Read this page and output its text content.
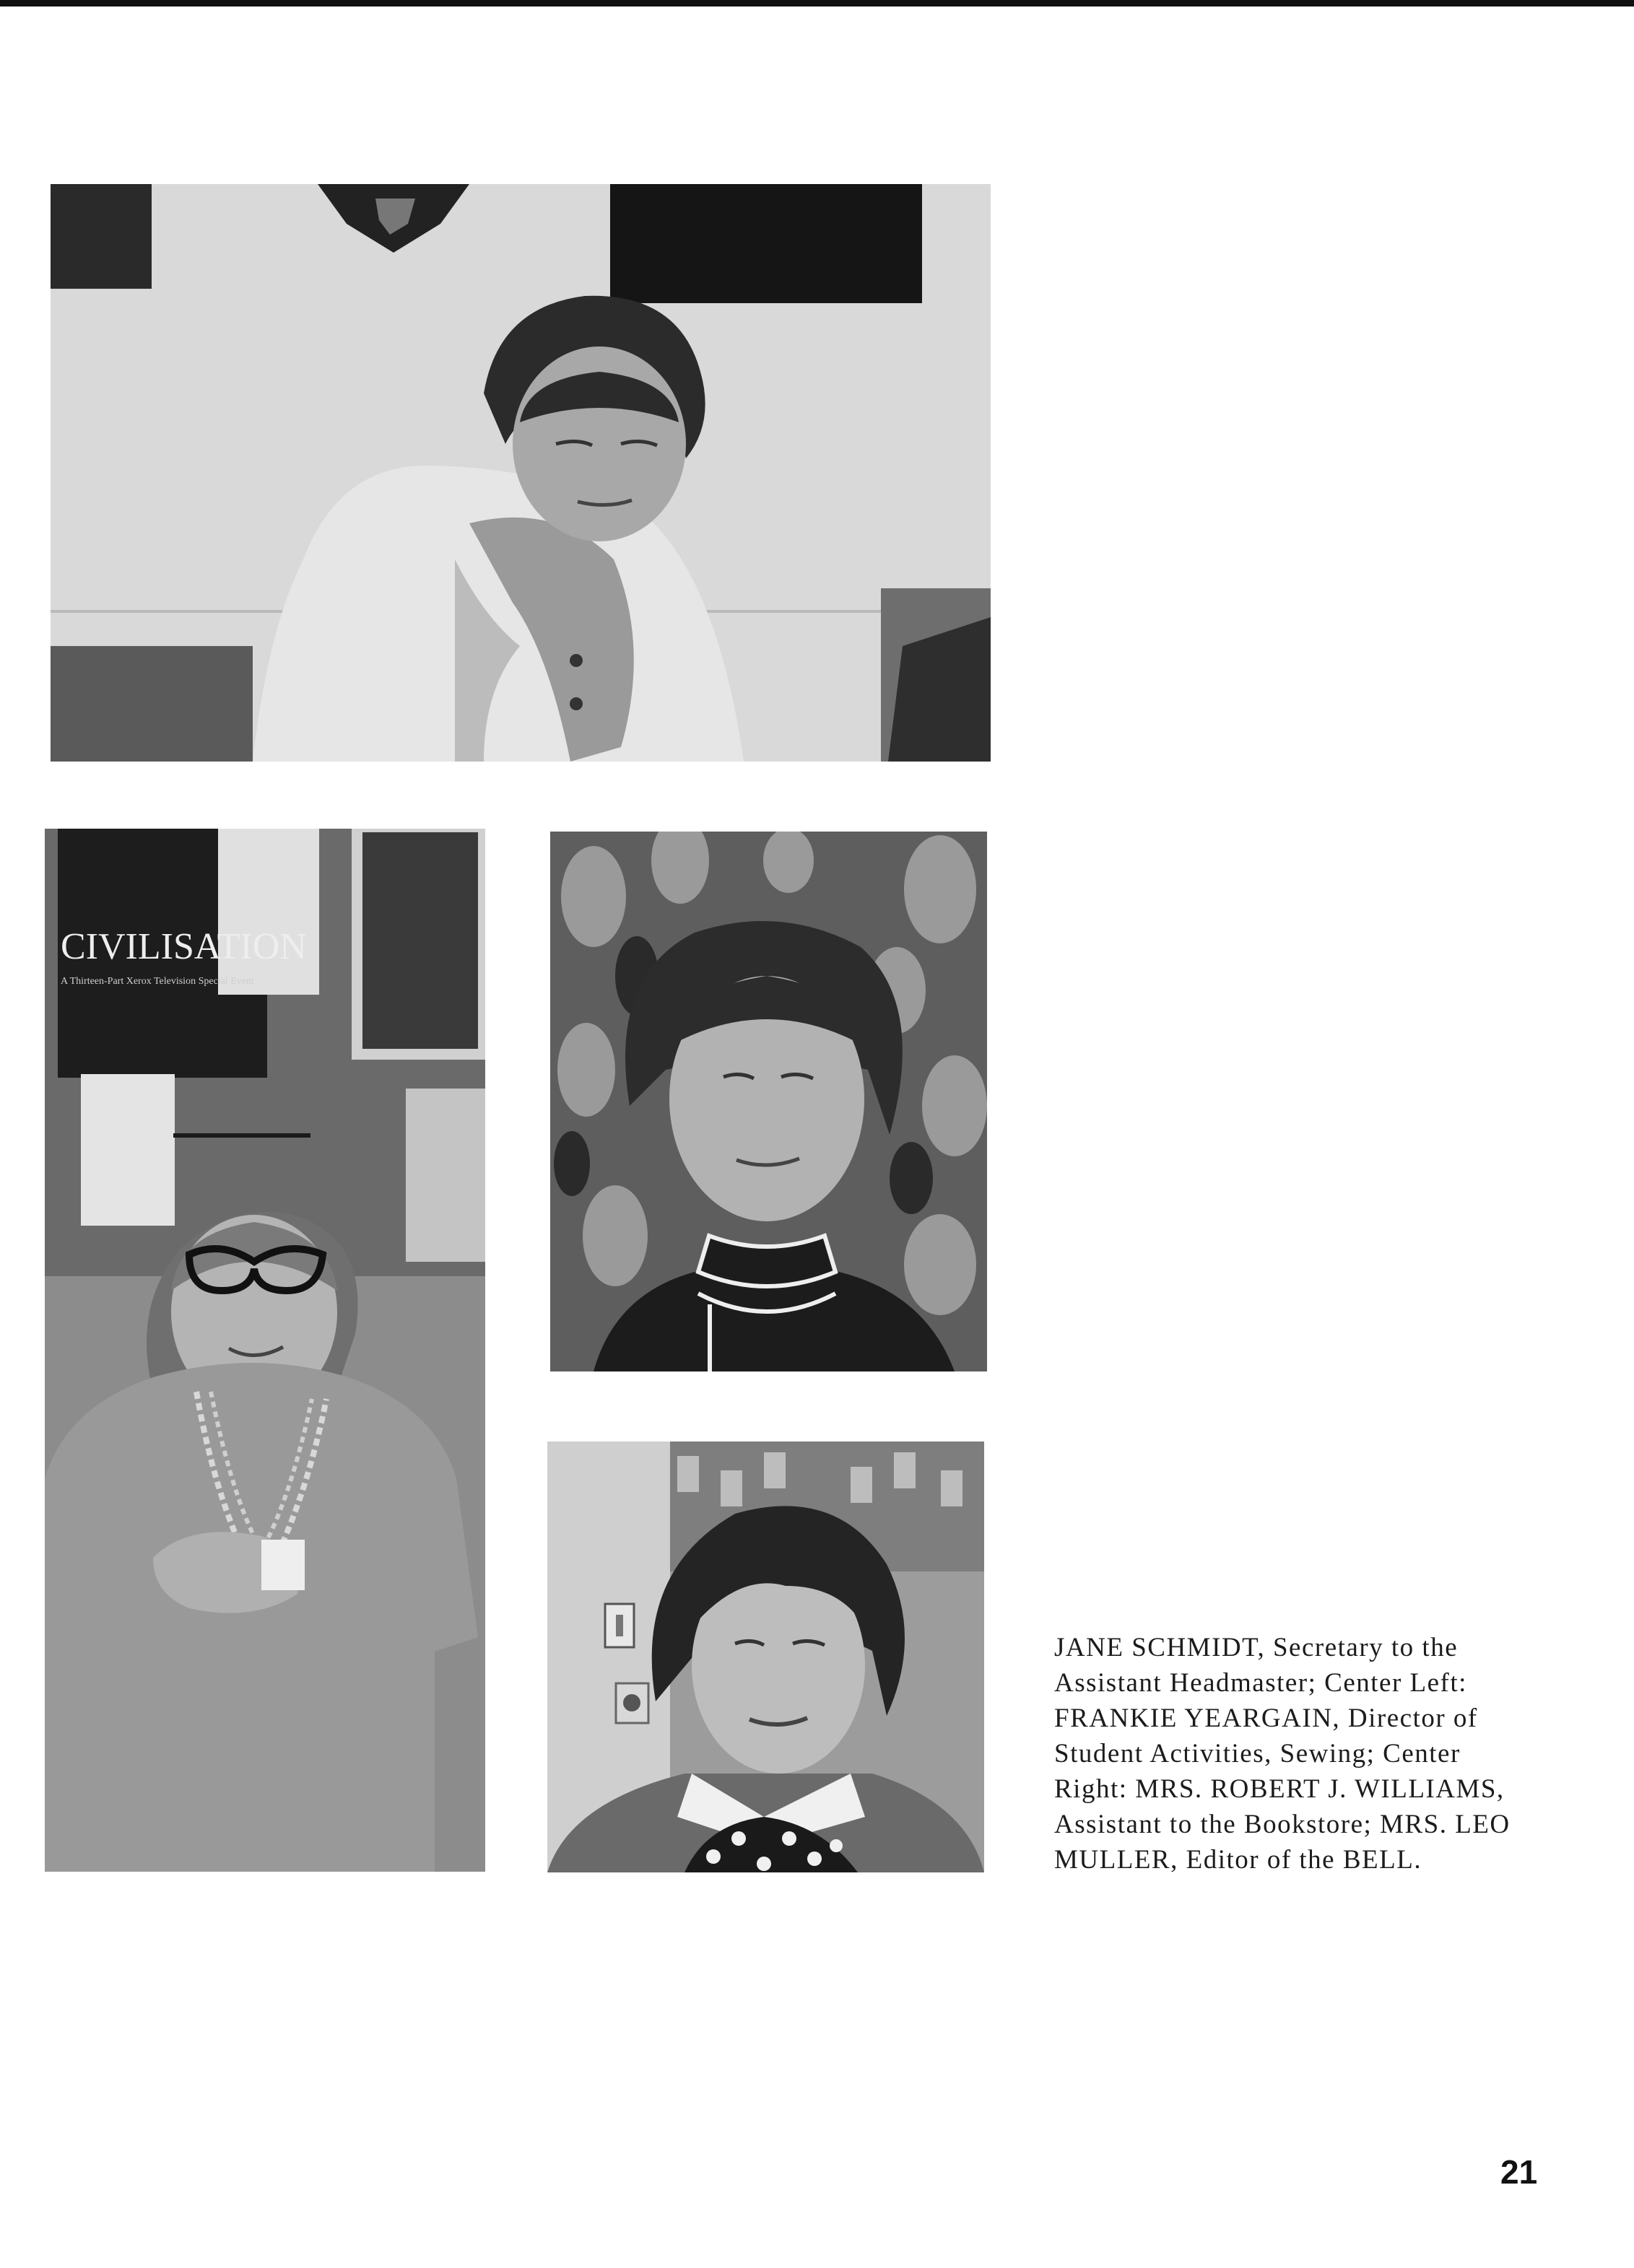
CIVILISATION
A Thirteen-Part Xerox Television Special Event
JANE SCHMIDT, Secretary to the
Assistant Headmaster; Center Left:
FRANKIE YEARGAIN, Director of
Student Activities, Sewing; Center
Right: MRS. ROBERT J. WILLIAMS,
Assistant to the Bookstore; MRS. LEO
MULLER, Editor of the BELL.
21
